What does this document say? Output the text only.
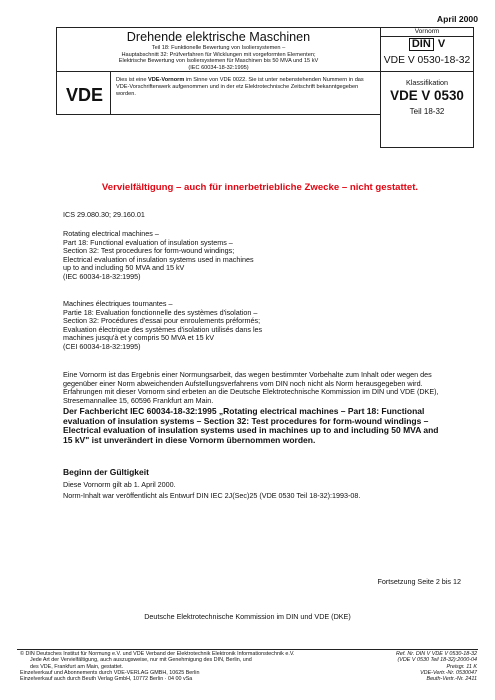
April 2000
Drehende elektrische Maschinen
Teil 18: Funktionelle Bewertung von Isoliersystemen –
Hauptabschnitt 32: Prüfverfahren für Wicklungen mit vorgeformten Elementen;
Elektrische Bewertung von Isoliersystemen für Maschinen bis 50 MVA und 15 kV
(IEC 60034-18-32:1995)
VDE
Dies ist eine VDE-Vornorm im Sinne von VDE 0022. Sie ist unter nebenstehenden Nummern in das VDE-Vorschriftenwerk aufgenommen und in der etz Elektrotechnische Zeitschrift bekanntgegeben worden.
Vornorm
DIN V
VDE V 0530-18-32
Klassifikation
VDE V 0530
Teil 18-32
Vervielfältigung – auch für innerbetriebliche Zwecke – nicht gestattet.
ICS 29.080.30; 29.160.01
Rotating electrical machines –
Part 18: Functional evaluation of insulation systems –
Section 32: Test procedures for form-wound windings;
Electrical evaluation of insulation systems used in machines
up to and including 50 MVA and 15 kV
(IEC 60034-18-32:1995)
Machines électriques tournantes –
Partie 18: Evaluation fonctionnelle des systèmes d'isolation –
Section 32: Procédures d'essai pour enroulements préformés;
Evaluation électrique des systèmes d'isolation utilisés dans les
machines jusqu'à et y compris 50 MVA et 15 kV
(CEI 60034-18-32:1995)
Eine Vornorm ist das Ergebnis einer Normungsarbeit, das wegen bestimmter Vorbehalte zum Inhalt oder wegen des gegenüber einer Norm abweichenden Aufstellungsverfahrens vom DIN noch nicht als Norm herausgegeben wird. Erfahrungen mit dieser Vornorm sind erbeten an die Deutsche Elektrotechnische Kommission im DIN und VDE (DKE), Stresemannallee 15, 60596 Frankfurt am Main.
Der Fachbericht IEC 60034-18-32:1995 „Rotating electrical machines – Part 18: Functional evaluation of insulation systems – Section 32: Test procedures for form-wound windings – Electrical evaluation of insulation systems used in machines up to and including 50 MVA and 15 kV" ist unverändert in diese Vornorm übernommen worden.
Beginn der Gültigkeit
Diese Vornorm gilt ab 1. April 2000.
Norm-Inhalt war veröffentlicht als Entwurf DIN IEC 2J(Sec)25 (VDE 0530 Teil 18-32):1993-08.
Fortsetzung Seite 2 bis 12
Deutsche Elektrotechnische Kommission im DIN und VDE (DKE)
© DIN Deutsches Institut für Normung e.V. und VDE Verband der Elektrotechnik Elektronik Informationstechnik e.V.
Jede Art der Vervielfältigung, auch auszugsweise, nur mit Genehmigung des DIN, Berlin, und
des VDE, Frankfurt am Main, gestattet.
Einzelverkauf und Abonnements durch VDE-VERLAG GMBH, 10625 Berlin
Einzelverkauf auch durch Beuth Verlag GmbH, 10772 Berlin · 04 00 vSa
Ref. Nr. DIN V VDE V 0530-18-32
(VDE V 0530 Teil 18-32):2000-04
Preisgr. 11 K
VDE-Vertr.-Nr. 0530047
Beuth-Vertr.-Nr. 2411
